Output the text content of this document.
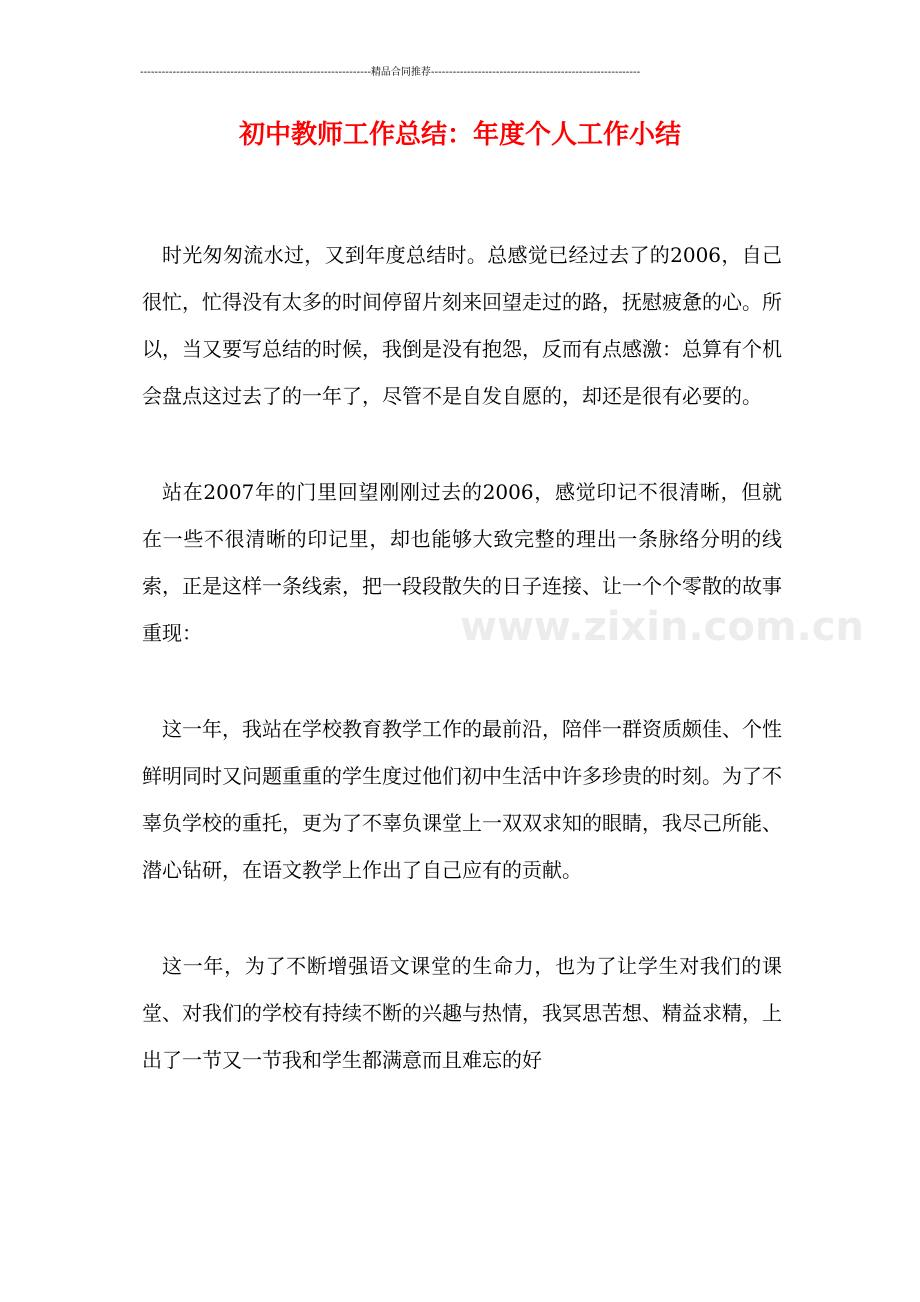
----------------------------------------------------------------精品合同推荐----------------------------------------------------------
初中教师工作总结：年度个人工作小结

时光匆匆流水过，又到年度总结时。总感觉已经过去了的2006，自己很忙，忙得没有太多的时间停留片刻来回望走过的路，抚慰疲惫的心。所以，当又要写总结的时候，我倒是没有抱怨，反而有点感激：总算有个机会盘点这过去了的一年了，尽管不是自发自愿的，却还是很有必要的。

站在2007年的门里回望刚刚过去的2006，感觉印记不很清晰，但就在一些不很清晰的印记里，却也能够大致完整的理出一条脉络分明的线索，正是这样一条线索，把一段段散失的日子连接、让一个个零散的故事重现：

这一年，我站在学校教育教学工作的最前沿，陪伴一群资质颇佳、个性鲜明同时又问题重重的学生度过他们初中生活中许多珍贵的时刻。为了不辜负学校的重托，更为了不辜负课堂上一双双求知的眼睛，我尽己所能、潜心钻研，在语文教学上作出了自己应有的贡献。

这一年，为了不断增强语文课堂的生命力，也为了让学生对我们的课堂、对我们的学校有持续不断的兴趣与热情，我冥思苦想、精益求精，上出了一节又一节我和学生都满意而且难忘的好

www.zixin.com.cn
